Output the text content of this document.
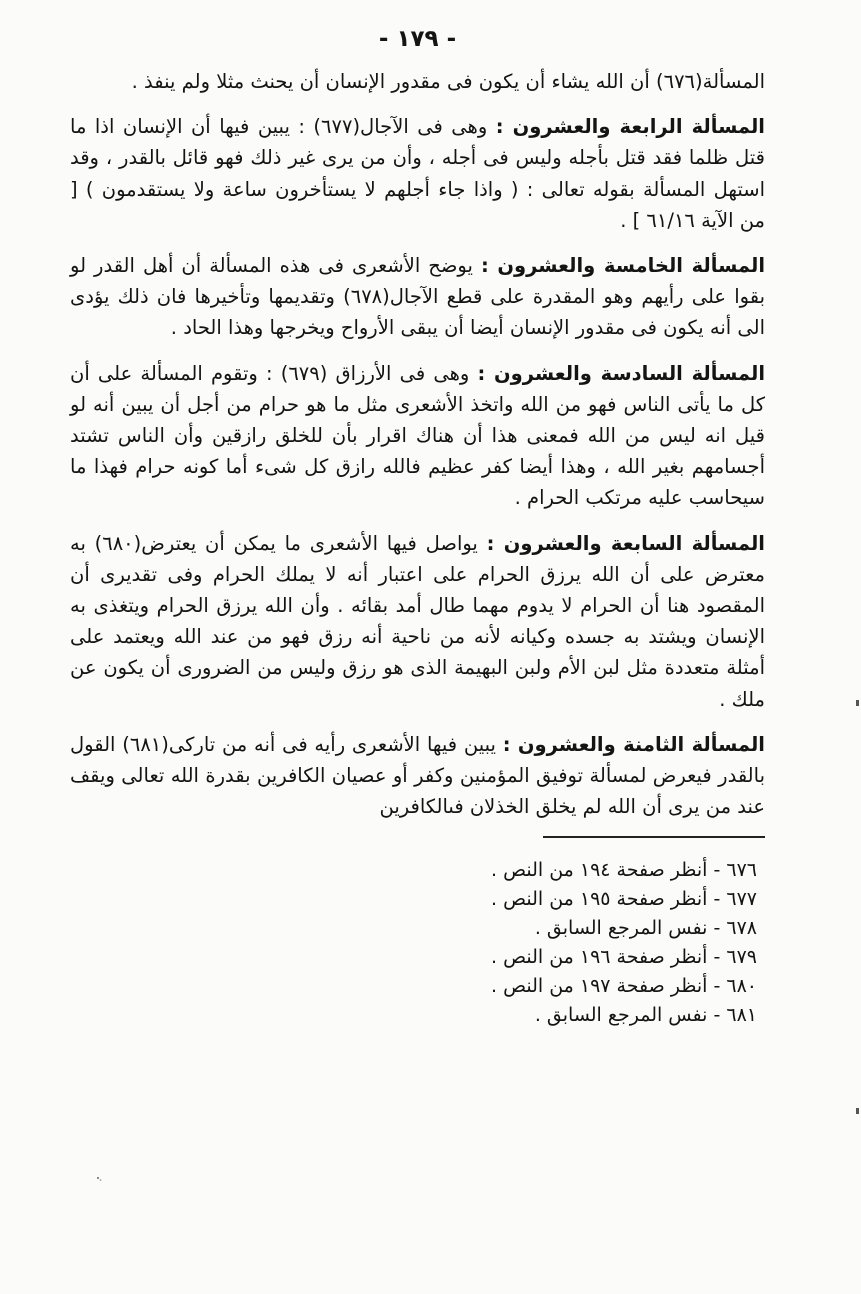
- ١٧٩ -

المسألة(٦٧٦) أن الله يشاء أن يكون فى مقدور الإنسان أن يحنث مثلا ولم ينفذ .

المسألة الرابعة والعشرون : وهى فى الآجال(٦٧٧) : يبين فيها أن الإنسان اذا ما قتل ظلما فقد قتل بأجله وليس فى أجله ، وأن من يرى غير ذلك فهو قائل بالقدر ، وقد استهل المسألة بقوله تعالى : ( واذا جاء أجلهم لا يستأخرون ساعة ولا يستقدمون ) [ من الآية ٦١/١٦ ] .

المسألة الخامسة والعشرون : يوضح الأشعرى فى هذه المسألة أن أهل القدر لو بقوا على رأيهم وهو المقدرة على قطع الآجال(٦٧٨) وتقديمها وتأخيرها فان ذلك يؤدى الى أنه يكون فى مقدور الإنسان أيضا أن يبقى الأرواح ويخرجها وهذا الحاد .

المسألة السادسة والعشرون : وهى فى الأرزاق (٦٧٩) : وتقوم المسألة على أن كل ما يأتى الناس فهو من الله واتخذ الأشعرى مثل ما هو حرام من أجل أن يبين أنه لو قيل انه ليس من الله فمعنى هذا أن هناك اقرار بأن للخلق رازقين وأن الناس تشتد أجسامهم بغير الله ، وهذا أيضا كفر عظيم فالله رازق كل شىء أما كونه حرام فهذا ما سيحاسب عليه مرتكب الحرام .

المسألة السابعة والعشرون : يواصل فيها الأشعرى ما يمكن أن يعترض(٦٨٠) به معترض على أن الله يرزق الحرام على اعتبار أنه لا يملك الحرام وفى تقديرى أن المقصود هنا أن الحرام لا يدوم مهما طال أمد بقائه . وأن الله يرزق الحرام ويتغذى به الإنسان ويشتد به جسده وكيانه لأنه من ناحية أنه رزق فهو من عند الله ويعتمد على أمثلة متعددة مثل لبن الأم ولبن البهيمة الذى هو رزق وليس من الضرورى أن يكون عن ملك .

المسألة الثامنة والعشرون : يبين فيها الأشعرى رأيه فى أنه من تاركى(٦٨١) القول بالقدر فيعرض لمسألة توفيق المؤمنين وكفر أو عصيان الكافرين بقدرة الله تعالى ويقف عند من يرى أن الله لم يخلق الخذلان فىالكافرين

٦٧٦ - أنظر صفحة ١٩٤ من النص .
٦٧٧ - أنظر صفحة ١٩٥ من النص .
٦٧٨ - نفس المرجع السابق .
٦٧٩ - أنظر صفحة ١٩٦ من النص .
٦٨٠ - أنظر صفحة ١٩٧ من النص .
٦٨١ - نفس المرجع السابق .
